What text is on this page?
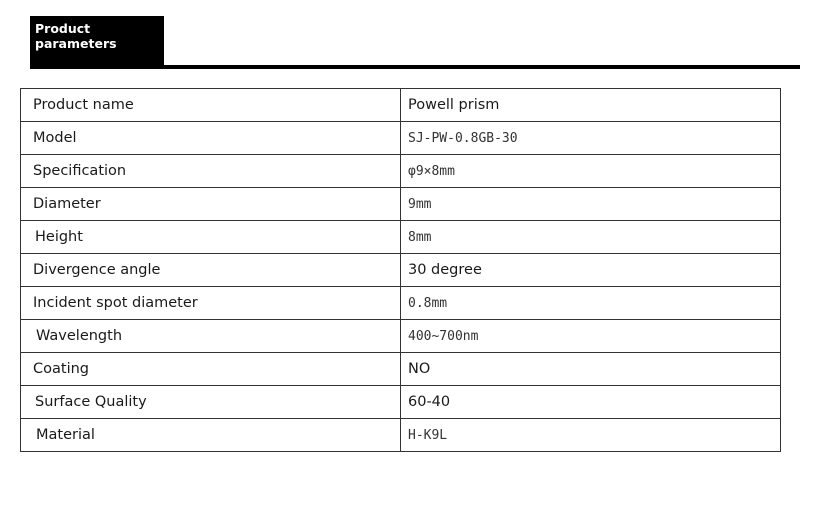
Product parameters
Product name	Powell prism
Model	SJ-PW-0.8GB-30
Specification	φ9×8mm
Diameter	9mm
Height	8mm
Divergence angle	30 degree
Incident spot diameter	0.8mm
Wavelength	400~700nm
Coating	NO
Surface Quality	60-40
Material	H-K9L
